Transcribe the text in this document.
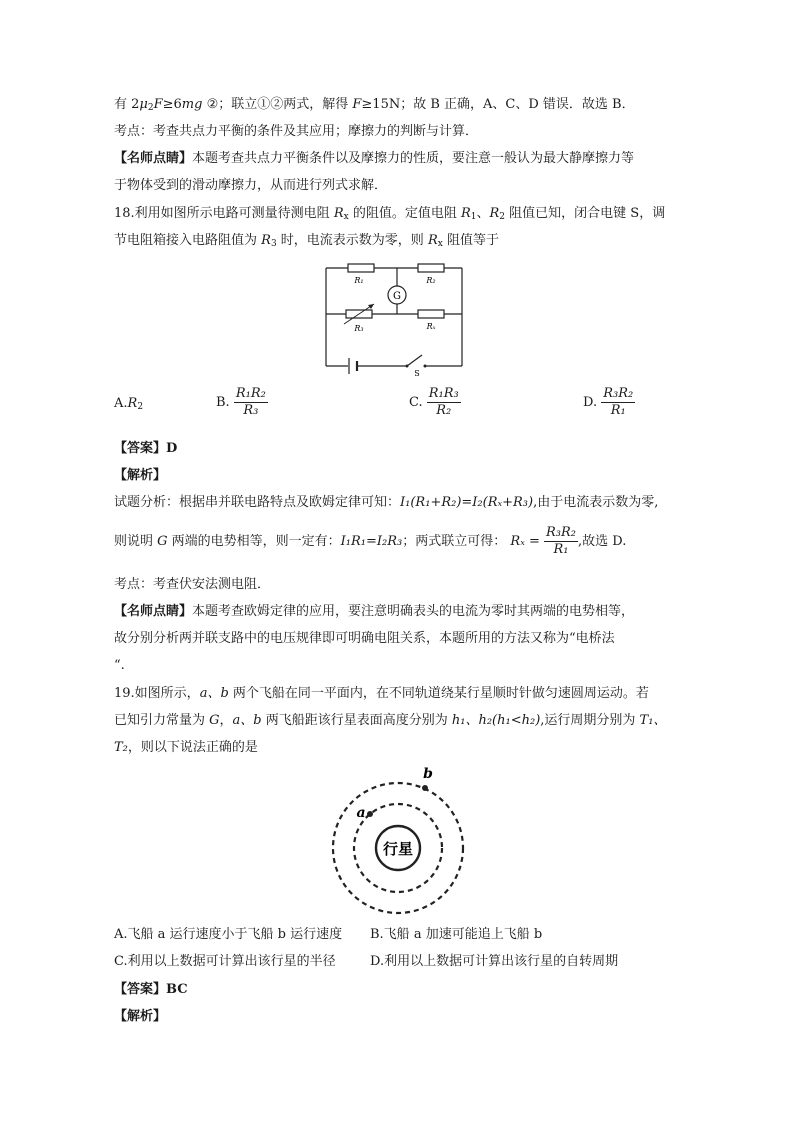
有 $2\mu_2F\ge 6mg$ ②；联立①②两式，解得 F≥15N；故 B 正确，A、C、D 错误．故选 B．
考点：考查共点力平衡的条件及其应用；摩擦力的判断与计算．
【名师点睛】本题考查共点力平衡条件以及摩擦力的性质，要注意一般认为最大静摩擦力等
于物体受到的滑动摩擦力，从而进行列式求解．
18.利用如图所示电路可测量待测电阻 $R_x$ 的阻值。定值电阻 $R_1$、$R_2$ 阻值已知，闭合电键 S，调
节电阻箱接入电路阻值为 $R_3$ 时，电流表示数为零，则 $R_x$ 阻值等于
G
R₁	R₂
R₃	Rₓ
S
$A.R_2$	B. $\frac{\text{R₁R₂}}{\text{R₃}}$	C. $\frac{\text{R₁R₃}}{\text{R₂}}$	D. $\frac{\text{R₃R₂}}{\text{R₁}}$
【答案】D
【解析】
试题分析：根据串并联电路特点及欧姆定律可知：I₁(R₁+R₂)=I₂(Rₓ+R₃),由于电流表示数为零,
则说明 G 两端的电势相等，则一定有：I₁R₁=I₂R₃；两式联立可得： $R_x = \frac{\text{R₃R₂}}{\text{R₁}}$ ,故选 D.
考点：考查伏安法测电阻．
【名师点睛】本题考查欧姆定律的应用，要注意明确表头的电流为零时其两端的电势相等，
故分别分析两并联支路中的电压规律即可明确电阻关系，本题所用的方法又称为“电桥法
“.
19.如图所示，a、b 两个飞船在同一平面内，在不同轨道绕某行星顺时针做匀速圆周运动。若
已知引力常量为 G，a、b 两飞船距该行星表面高度分别为 h₁、h₂(h₁<h₂),运行周期分别为 T₁、
T₂，则以下说法正确的是
行星
a
b
A.飞船 a 运行速度小于飞船 b 运行速度 B.飞船 a 加速可能追上飞船 b
C.利用以上数据可计算出该行星的半径	D.利用以上数据可计算出该行星的自转周期
【答案】BC
【解析】
